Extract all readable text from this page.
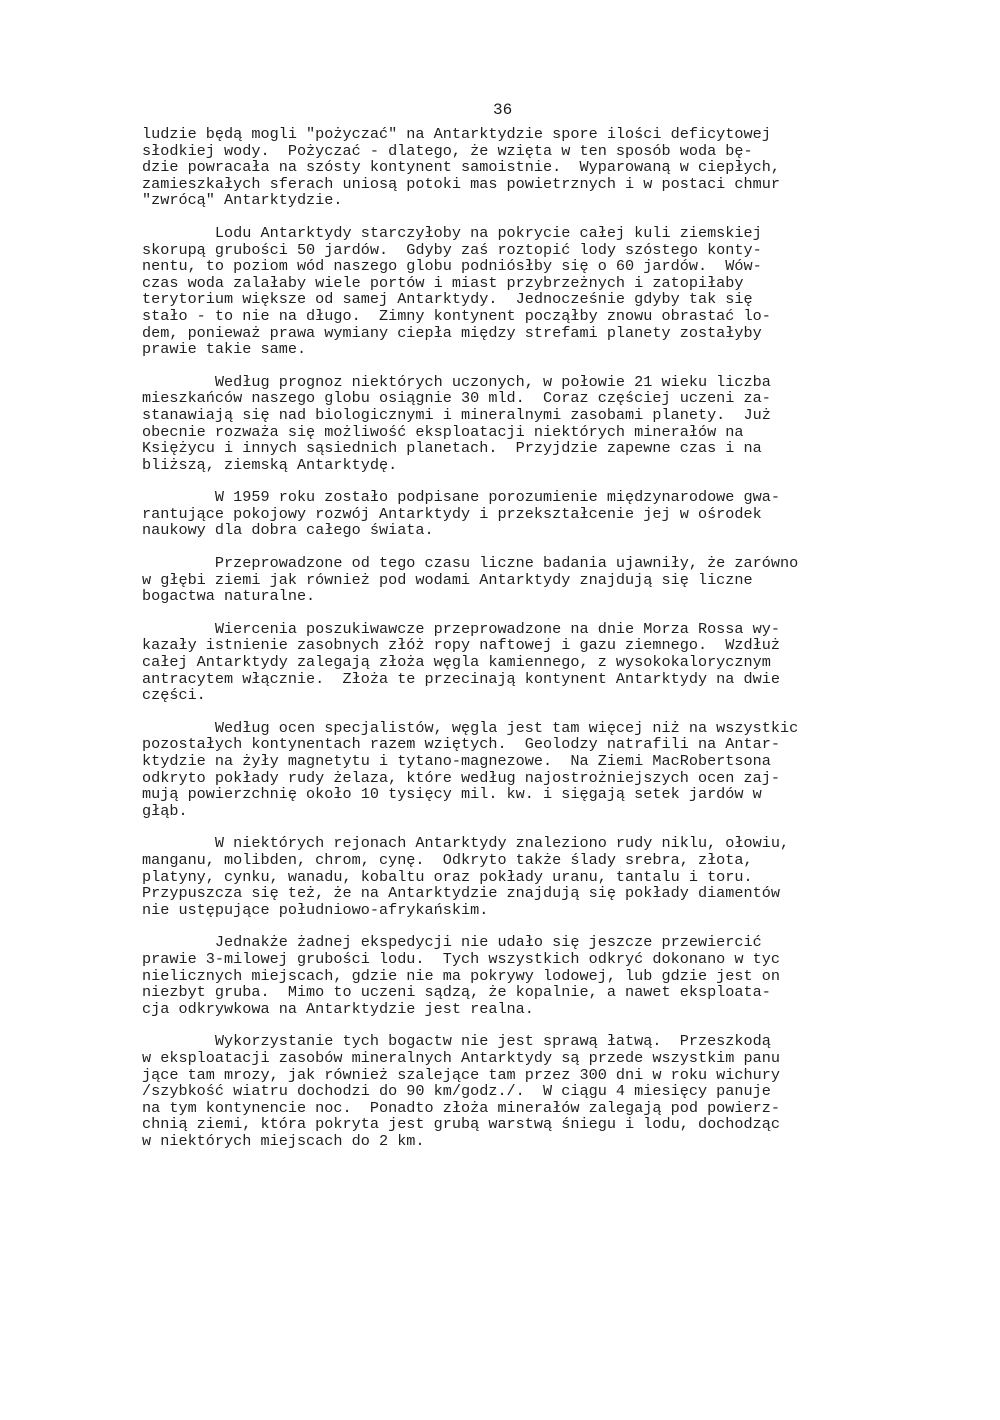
36

ludzie będą mogli "pożyczać" na Antarktydzie spore ilości deficytowej
słodkiej wody.  Pożyczać - dlatego, że wzięta w ten sposób woda bę-
dzie powracała na szósty kontynent samoistnie.  Wyparowaną w ciepłych,
zamieszkałych sferach uniosą potoki mas powietrznych i w postaci chmur
"zwrócą" Antarktydzie.
Lodu Antarktydy starczyłoby na pokrycie całej kuli ziemskiej
skorupą grubości 50 jardów.  Gdyby zaś roztopić lody szóstego konty-
nentu, to poziom wód naszego globu podniósłby się o 60 jardów.  Wów-
czas woda zalałaby wiele portów i miast przybrzeżnych i zatopiłaby
terytorium większe od samej Antarktydy.  Jednocześnie gdyby tak się
stało - to nie na długo.  Zimny kontynent począłby znowu obrastać lo-
dem, ponieważ prawa wymiany ciepła między strefami planety zostałyby
prawie takie same.
Według prognoz niektórych uczonych, w połowie 21 wieku liczba
mieszkańców naszego globu osiągnie 30 mld.  Coraz częściej uczeni za-
stanawiają się nad biologicznymi i mineralnymi zasobami planety.  Już
obecnie rozważa się możliwość eksploatacji niektórych minerałów na
Księżycu i innych sąsiednich planetach.  Przyjdzie zapewne czas i na
bliższą, ziemską Antarktydę.
W 1959 roku zostało podpisane porozumienie międzynarodowe gwa-
rantujące pokojowy rozwój Antarktydy i przekształcenie jej w ośrodek
naukowy dla dobra całego świata.
Przeprowadzone od tego czasu liczne badania ujawniły, że zarówno
w głębi ziemi jak również pod wodami Antarktydy znajdują się liczne
bogactwa naturalne.
Wiercenia poszukiwawcze przeprowadzone na dnie Morza Rossa wy-
kazały istnienie zasobnych złóż ropy naftowej i gazu ziemnego.  Wzdłuż
całej Antarktydy zalegają złoża węgla kamiennego, z wysokokalorycznym
antracytem włącznie.  Złoża te przecinają kontynent Antarktydy na dwie
części.
Według ocen specjalistów, węgla jest tam więcej niż na wszystkic
pozostałych kontynentach razem wziętych.  Geolodzy natrafili na Antar-
ktydzie na żyły magnetytu i tytano-magnezowe.  Na Ziemi MacRobertsona
odkryto pokłady rudy żelaza, które według najostrożniejszych ocen zaj-
mują powierzchnię około 10 tysięcy mil. kw. i sięgają setek jardów w
głąb.
W niektórych rejonach Antarktydy znaleziono rudy niklu, ołowiu,
manganu, molibden, chrom, cynę.  Odkryto także ślady srebra, złota,
platyny, cynku, wanadu, kobaltu oraz pokłady uranu, tantalu i toru.
Przypuszcza się też, że na Antarktydzie znajdują się pokłady diamentów
nie ustępujące południowo-afrykańskim.
Jednakże żadnej ekspedycji nie udało się jeszcze przewiercić
prawie 3-milowej grubości lodu.  Tych wszystkich odkryć dokonano w tyc
nielicznych miejscach, gdzie nie ma pokrywy lodowej, lub gdzie jest on
niezbyt gruba.  Mimo to uczeni sądzą, że kopalnie, a nawet eksploata-
cja odkrywkowa na Antarktydzie jest realna.
Wykorzystanie tych bogactw nie jest sprawą łatwą.  Przeszkodą
w eksploatacji zasobów mineralnych Antarktydy są przede wszystkim panu
jące tam mrozy, jak również szalejące tam przez 300 dni w roku wichury
/szybkość wiatru dochodzi do 90 km/godz./.  W ciągu 4 miesięcy panuje
na tym kontynencie noc.  Ponadto złoża minerałów zalegają pod powierz-
chnią ziemi, która pokryta jest grubą warstwą śniegu i lodu, dochodząc
w niektórych miejscach do 2 km.
